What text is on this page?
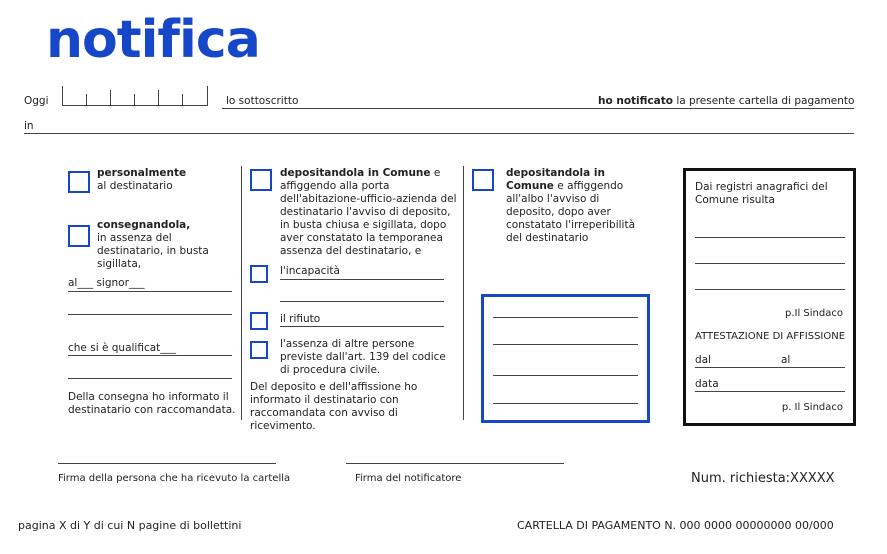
notifica
Oggi	lo sottoscritto	ho notificato la presente cartella di pagamento
in
personalmente
al destinatario
consegnandola,
in assenza del destinatario, in busta sigillata,
al___ signor___
che si è qualificat___
Della consegna ho informato il destinatario con raccomandata.
depositandola in Comune e affiggendo alla porta dell'abitazione-ufficio-azienda del destinatario l'avviso di deposito, in busta chiusa e sigillata, dopo aver constatato la temporanea assenza del destinatario, e
l'incapacità
il rifiuto
l'assenza di altre persone previste dall'art. 139 del codice di procedura civile.
Del deposito e dell'affissione ho informato il destinatario con raccomandata con avviso di ricevimento.
depositandola in Comune e affiggendo all'albo l'avviso di deposito, dopo aver constatato l'irreperibilità del destinatario
Dai registri anagrafici del Comune risulta
p.Il Sindaco
ATTESTAZIONE DI AFFISSIONE
dal	al
data
p. Il Sindaco
Firma della persona che ha ricevuto la cartella	Firma del notificatore	Num. richiesta:XXXXX
pagina X di Y di cui N pagine di bollettini	CARTELLA DI PAGAMENTO N. 000 0000 00000000 00/000
